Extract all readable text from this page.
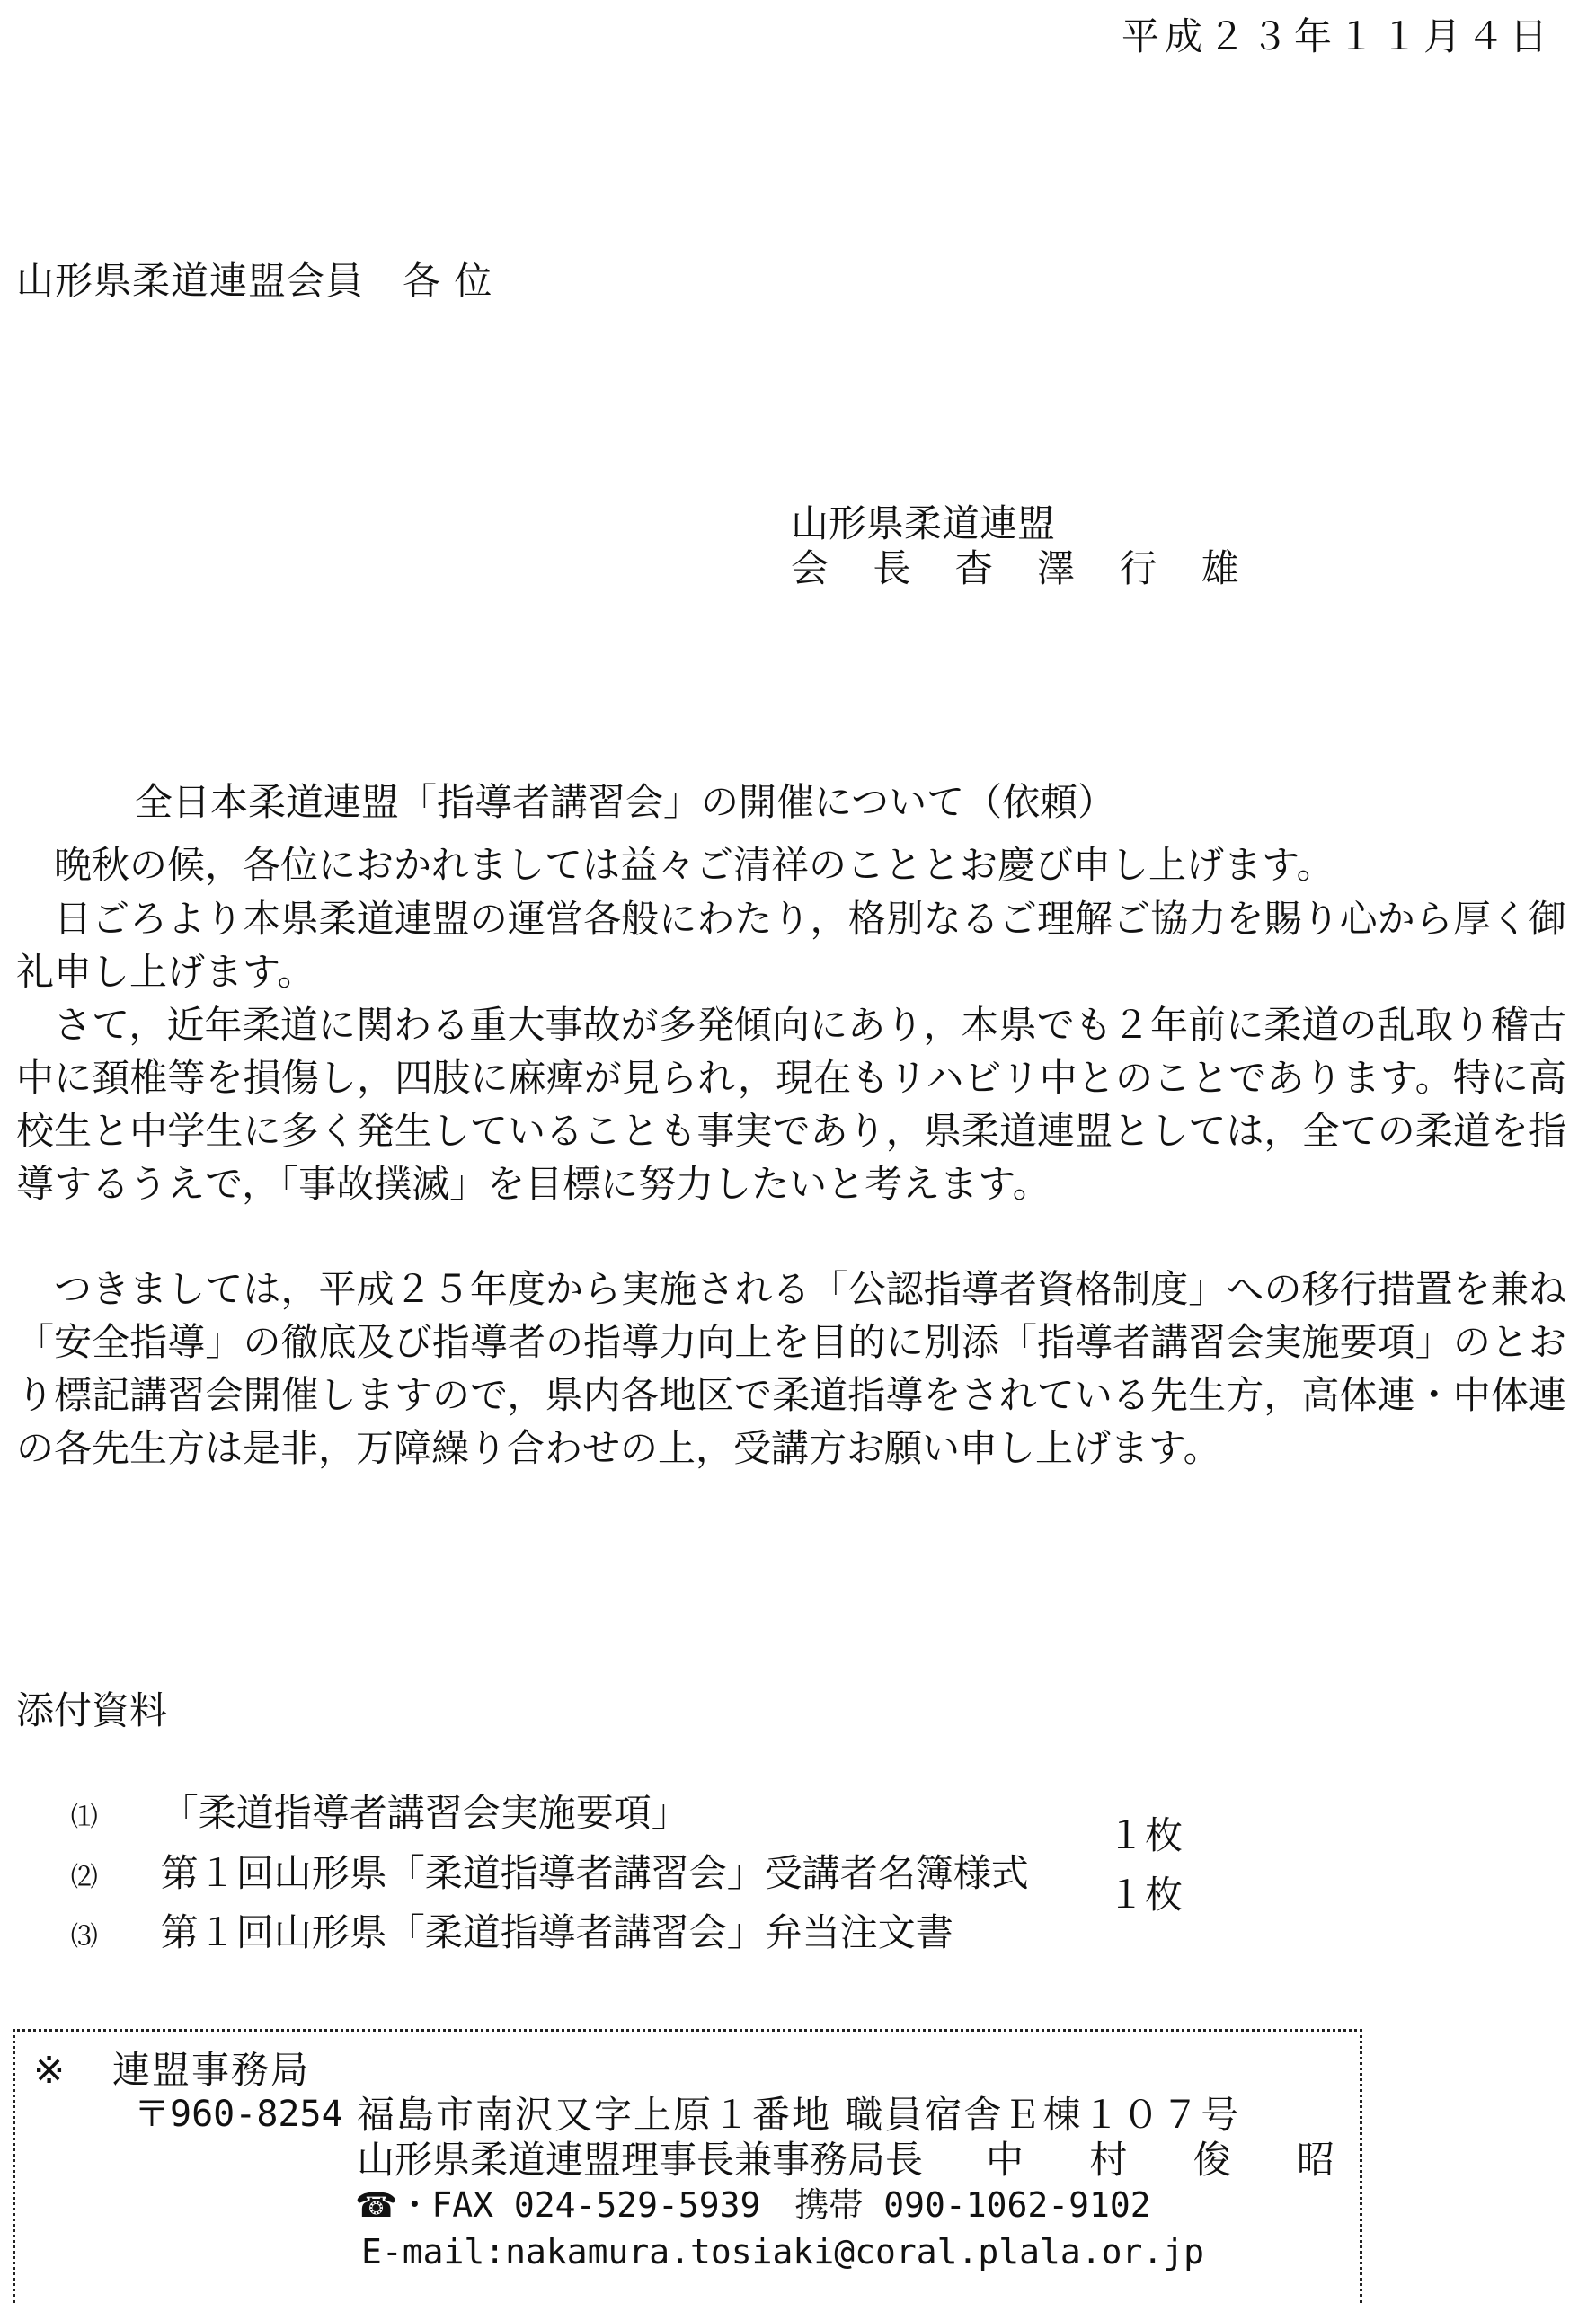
平成２３年１１月４日
山形県柔道連盟会員　各 位
山形県柔道連盟
会 長 杳 澤 行 雄
全日本柔道連盟「指導者講習会」の開催について（依頼）
晩秋の候，各位におかれましては益々ご清祥のこととお慶び申し上げます。
日ごろより本県柔道連盟の運営各般にわたり，格別なるご理解ご協力を賜り心から厚く御礼申し上げます。
さて，近年柔道に関わる重大事故が多発傾向にあり，本県でも２年前に柔道の乱取り稽古中に頚椎等を損傷し，四肢に麻痺が見られ，現在もリハビリ中とのことであります。特に高校生と中学生に多く発生していることも事実であり，県柔道連盟としては，全ての柔道を指導するうえで，「事故撲滅」を目標に努力したいと考えます。
つきましては，平成２５年度から実施される「公認指導者資格制度」への移行措置を兼ね「安全指導」の徹底及び指導者の指導力向上を目的に別添「指導者講習会実施要項」のとおり標記講習会開催しますので，県内各地区で柔道指導をされている先生方，高体連・中体連の各先生方は是非，万障繰り合わせの上，受講方お願い申し上げます。
添付資料

⑴ 「柔道指導者講習会実施要項」

⑵ 第１回山形県「柔道指導者講習会」受講者名簿様式
１枚

⑶ 第１回山形県「柔道指導者講習会」弁当注文書
１枚

※ 連盟事務局
〒960-8254 福島市南沢又字上原１番地 職員宿舎Ｅ棟１０７号
山形県柔道連盟理事長兼事務局長 中 村 俊 昭
☎・FAX 024-529-5939　携帯 090-1062-9102
E-mail:nakamura.tosiaki@coral.plala.or.jp
